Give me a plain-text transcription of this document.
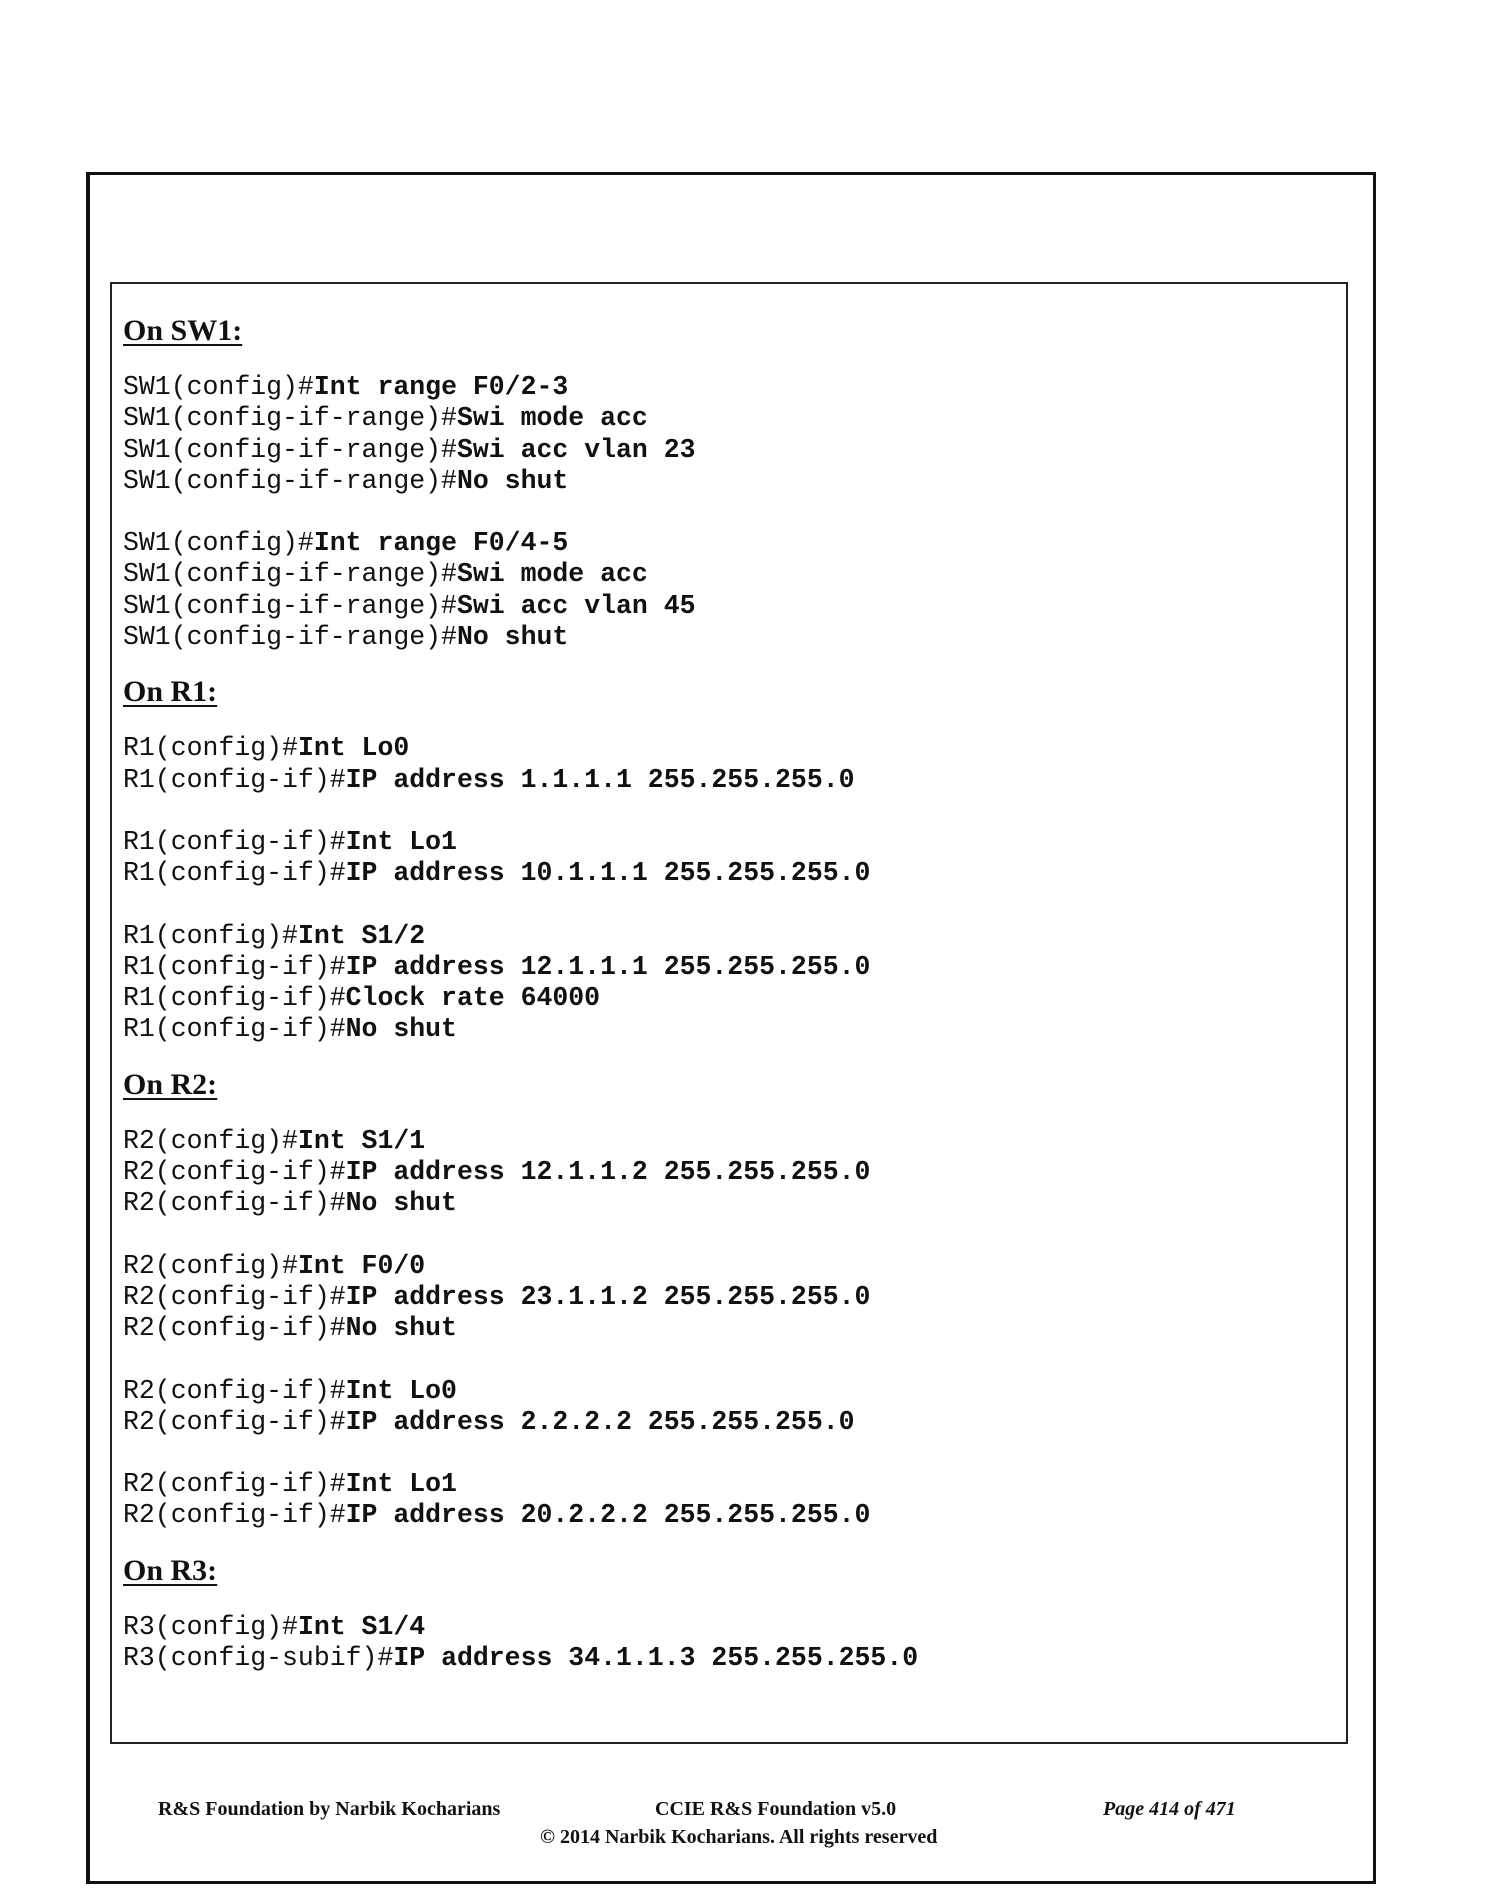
On SW1:
SW1(config)#Int range F0/2-3
SW1(config-if-range)#Swi mode acc
SW1(config-if-range)#Swi acc vlan 23
SW1(config-if-range)#No shut
SW1(config)#Int range F0/4-5
SW1(config-if-range)#Swi mode acc
SW1(config-if-range)#Swi acc vlan 45
SW1(config-if-range)#No shut
On R1:
R1(config)#Int Lo0
R1(config-if)#IP address 1.1.1.1 255.255.255.0
R1(config-if)#Int Lo1
R1(config-if)#IP address 10.1.1.1 255.255.255.0
R1(config)#Int S1/2
R1(config-if)#IP address 12.1.1.1 255.255.255.0
R1(config-if)#Clock rate 64000
R1(config-if)#No shut
On R2:
R2(config)#Int S1/1
R2(config-if)#IP address 12.1.1.2 255.255.255.0
R2(config-if)#No shut
R2(config)#Int F0/0
R2(config-if)#IP address 23.1.1.2 255.255.255.0
R2(config-if)#No shut
R2(config-if)#Int Lo0
R2(config-if)#IP address 2.2.2.2 255.255.255.0
R2(config-if)#Int Lo1
R2(config-if)#IP address 20.2.2.2 255.255.255.0
On R3:
R3(config)#Int S1/4
R3(config-subif)#IP address 34.1.1.3 255.255.255.0
R&S Foundation by Narbik Kocharians	CCIE R&S Foundation v5.0
© 2014 Narbik Kocharians. All rights reserved
Page 414 of 471
